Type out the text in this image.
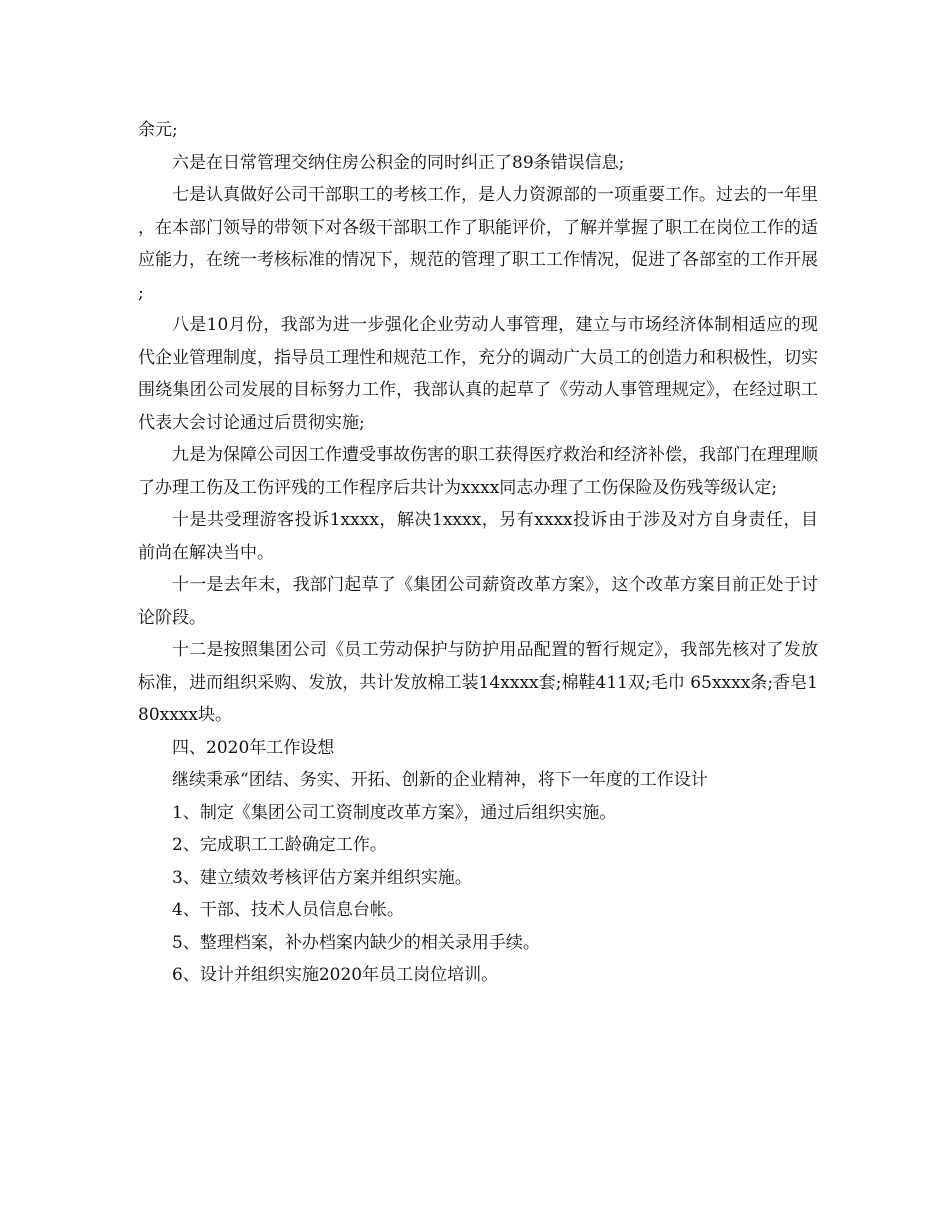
余元;

六是在日常管理交纳住房公积金的同时纠正了89条错误信息;

七是认真做好公司干部职工的考核工作，是人力资源部的一项重要工作。过去的一年里，在本部门领导的带领下对各级干部职工作了职能评价，了解并掌握了职工在岗位工作的适应能力，在统一考核标准的情况下，规范的管理了职工工作情况，促进了各部室的工作开展;

八是10月份，我部为进一步强化企业劳动人事管理，建立与市场经济体制相适应的现代企业管理制度，指导员工理性和规范工作，充分的调动广大员工的创造力和积极性，切实围绕集团公司发展的目标努力工作，我部认真的起草了《劳动人事管理规定》，在经过职工代表大会讨论通过后贯彻实施;

九是为保障公司因工作遭受事故伤害的职工获得医疗救治和经济补偿，我部门在理理顺了办理工伤及工伤评残的工作程序后共计为xxxx同志办理了工伤保险及伤残等级认定;

十是共受理游客投诉1xxxx，解决1xxxx，另有xxxx投诉由于涉及对方自身责任，目前尚在解决当中。

十一是去年末，我部门起草了《集团公司薪资改革方案》，这个改革方案目前正处于讨论阶段。

十二是按照集团公司《员工劳动保护与防护用品配置的暂行规定》，我部先核对了发放标准，进而组织采购、发放，共计发放棉工装14xxxx套;棉鞋411双;毛巾 65xxxx条;香皂180xxxx块。

四、2020年工作设想

继续秉承“团结、务实、开拓、创新的企业精神，将下一年度的工作设计

1、制定《集团公司工资制度改革方案》，通过后组织实施。

2、完成职工工龄确定工作。

3、建立绩效考核评估方案并组织实施。

4、干部、技术人员信息台帐。

5、整理档案，补办档案内缺少的相关录用手续。

6、设计并组织实施2020年员工岗位培训。
